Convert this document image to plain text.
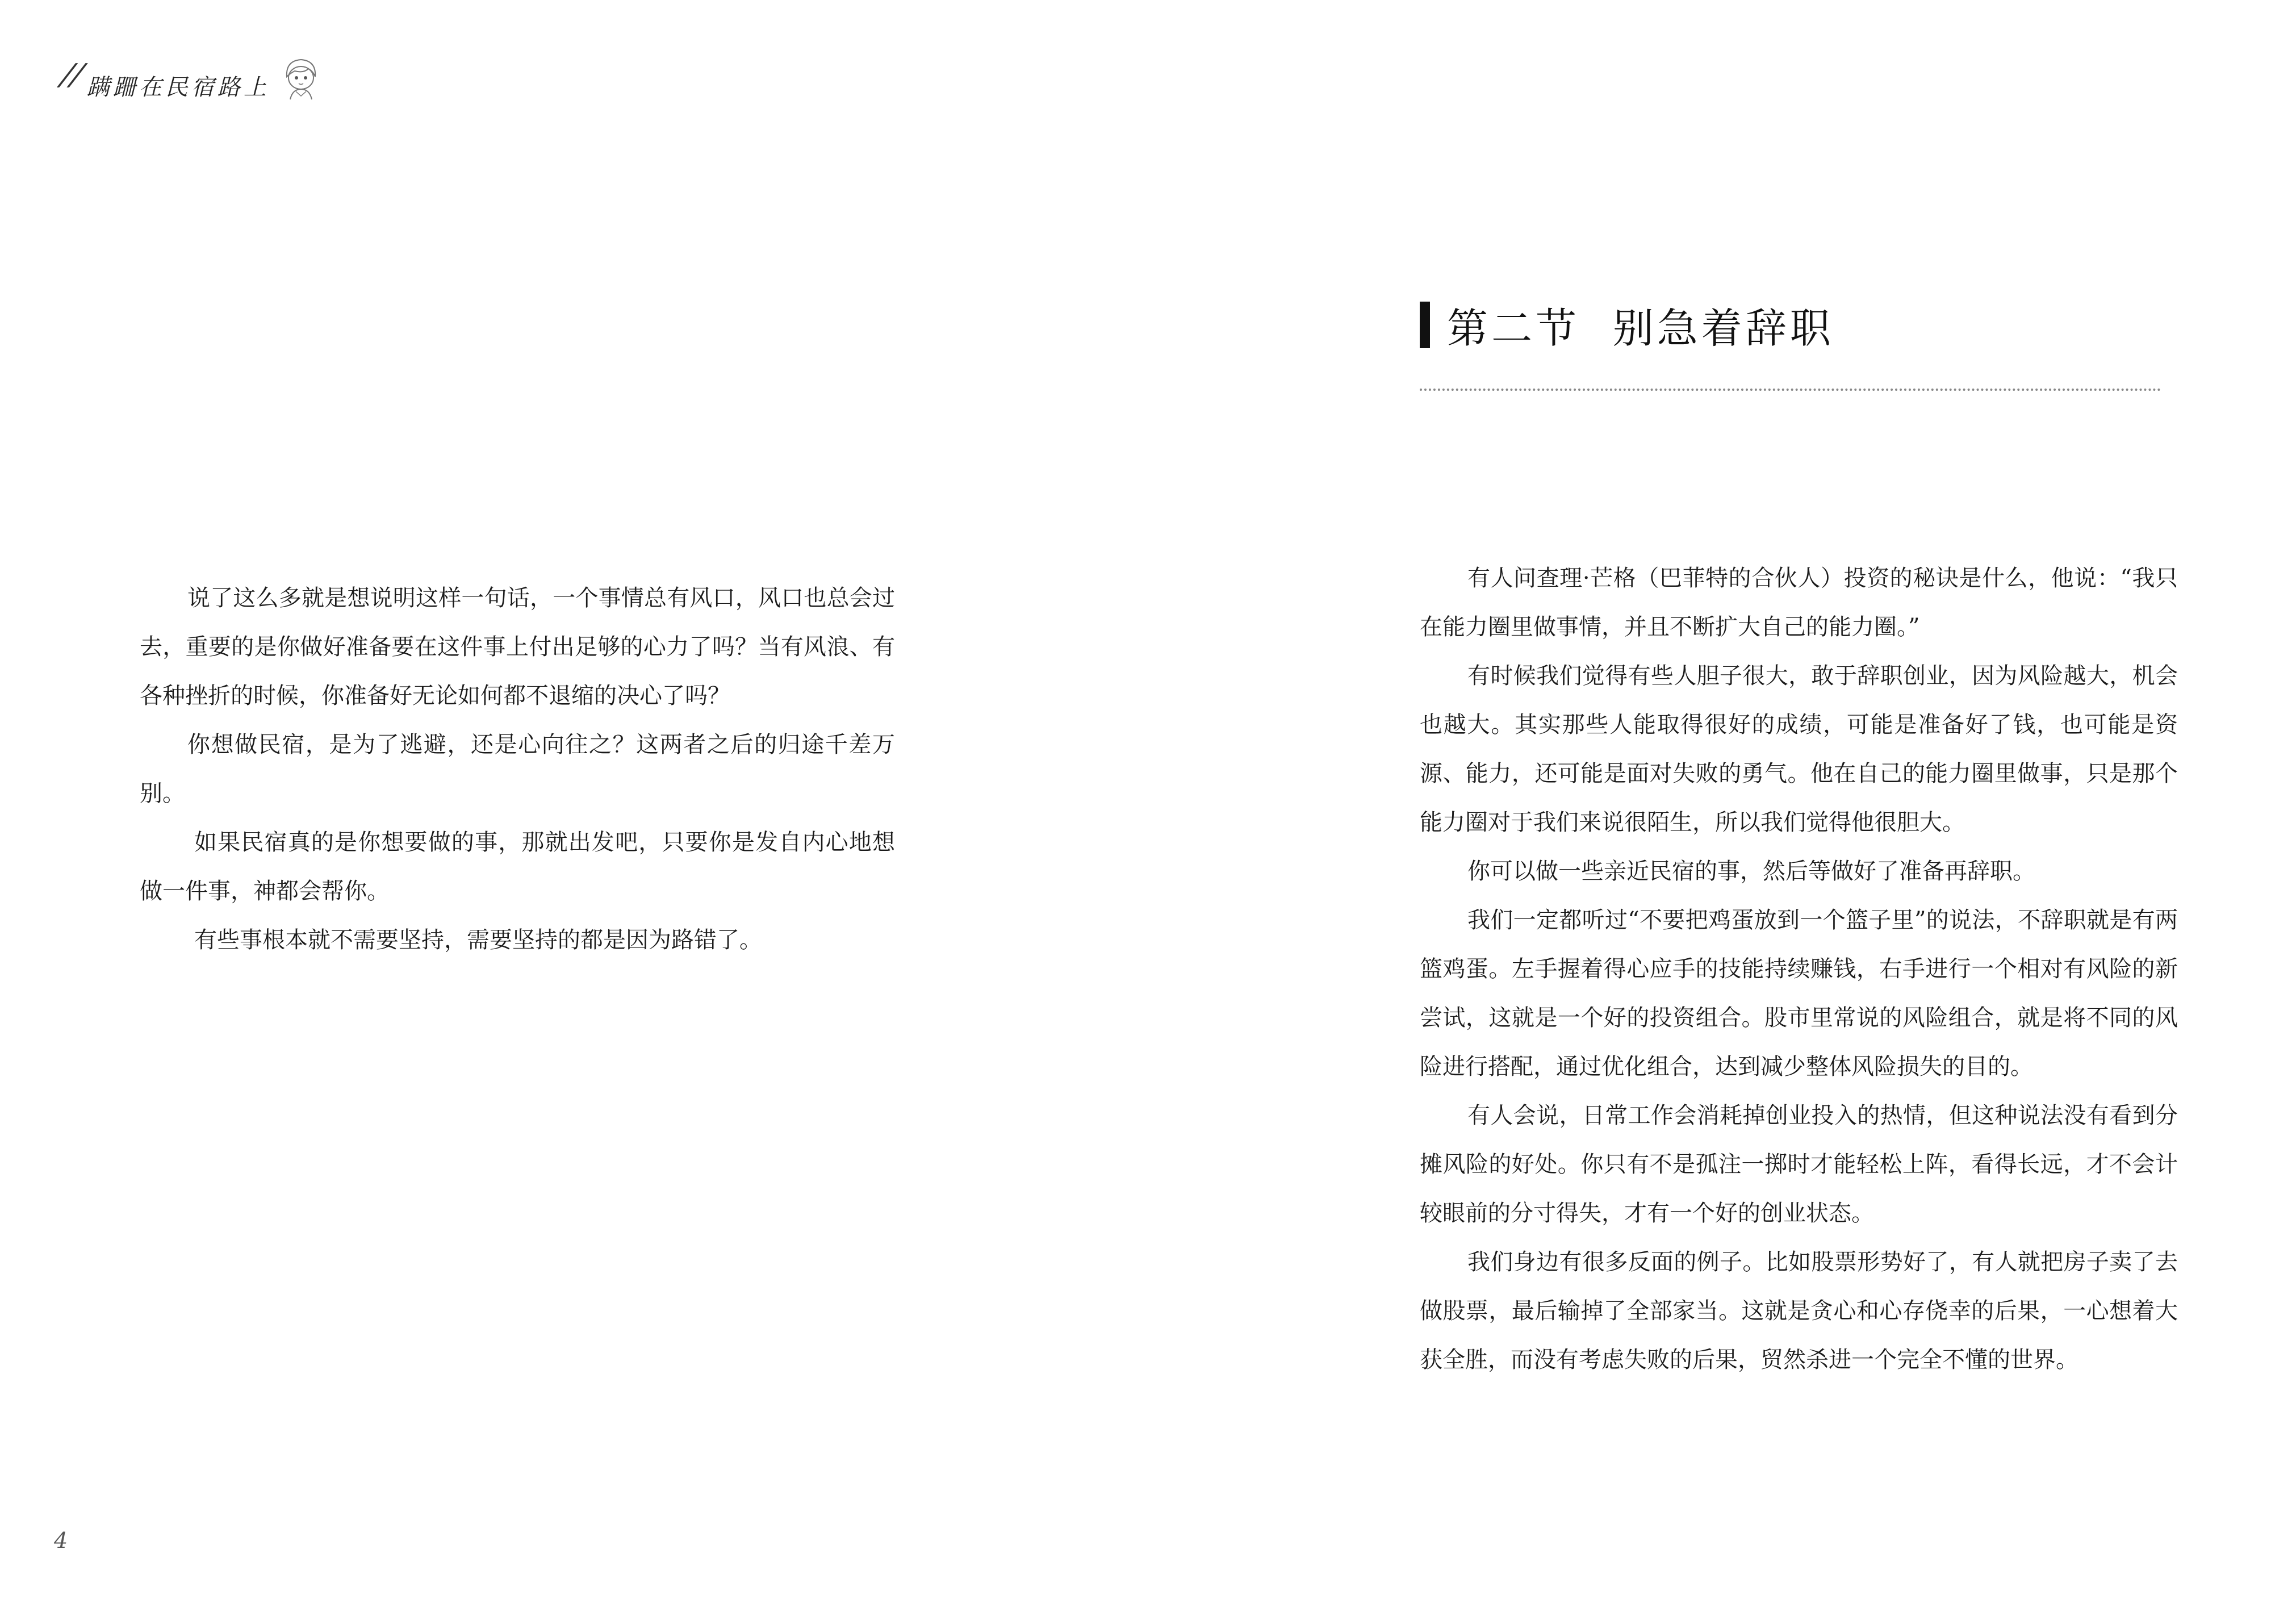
//
蹒跚在民宿路上

说了这么多就是想说明这样一句话，一个事情总有风口，风口也总会过去，重要的是你做好准备要在这件事上付出足够的心力了吗？当有风浪、有各种挫折的时候，你准备好无论如何都不退缩的决心了吗？

你想做民宿，是为了逃避，还是心向往之？这两者之后的归途千差万别。

如果民宿真的是你想要做的事，那就出发吧，只要你是发自内心地想做一件事，神都会帮你。

有些事根本就不需要坚持，需要坚持的都是因为路错了。

4
第二节  别急着辞职

有人问查理·芒格（巴菲特的合伙人）投资的秘诀是什么，他说：“我只在能力圈里做事情，并且不断扩大自己的能力圈。”

有时候我们觉得有些人胆子很大，敢于辞职创业，因为风险越大，机会也越大。其实那些人能取得很好的成绩，可能是准备好了钱，也可能是资源、能力，还可能是面对失败的勇气。他在自己的能力圈里做事，只是那个能力圈对于我们来说很陌生，所以我们觉得他很胆大。

你可以做一些亲近民宿的事，然后等做好了准备再辞职。

我们一定都听过“不要把鸡蛋放到一个篮子里”的说法，不辞职就是有两篮鸡蛋。左手握着得心应手的技能持续赚钱，右手进行一个相对有风险的新尝试，这就是一个好的投资组合。股市里常说的风险组合，就是将不同的风险进行搭配，通过优化组合，达到减少整体风险损失的目的。

有人会说，日常工作会消耗掉创业投入的热情，但这种说法没有看到分摊风险的好处。你只有不是孤注一掷时才能轻松上阵，看得长远，才不会计较眼前的分寸得失，才有一个好的创业状态。

我们身边有很多反面的例子。比如股票形势好了，有人就把房子卖了去做股票，最后输掉了全部家当。这就是贪心和心存侥幸的后果，一心想着大获全胜，而没有考虑失败的后果，贸然杀进一个完全不懂的世界。
